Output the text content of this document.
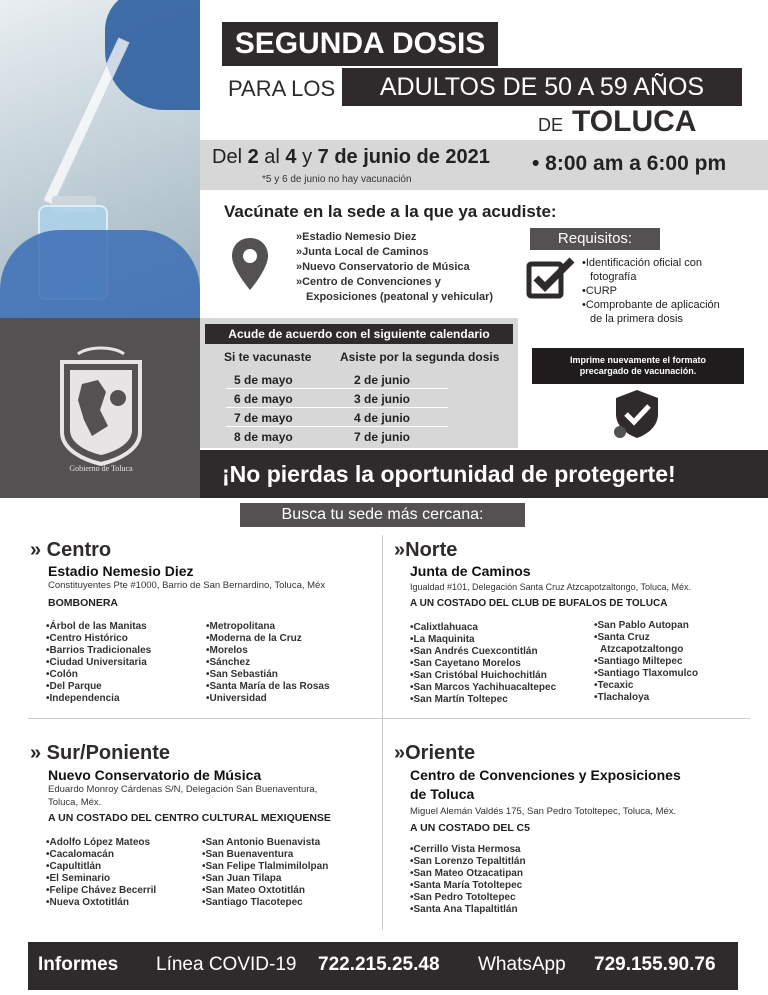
SEGUNDA DOSIS
PARA LOS	ADULTOS DE 50 A 59 AÑOS
DE TOLUCA
Del 2 al 4 y 7 de junio de 2021
*5 y 6 de junio no hay vacunación
• 8:00 am a 6:00 pm
Vacúnate en la sede a la que ya acudiste:
»Estadio Nemesio Diez
»Junta Local de Caminos
»Nuevo Conservatorio de Música
»Centro de Convenciones y
Exposiciones (peatonal y vehicular)
Requisitos:
•Identificación oficial con
fotografía
•CURP
•Comprobante de aplicación
de la primera dosis
Gobierno de Toluca
Acude de acuerdo con el siguiente calendario
Si te vacunaste Asiste por la segunda dosis
5 de mayo	2 de junio
6 de mayo	3 de junio
7 de mayo	4 de junio
8 de mayo	7 de junio
Imprime nuevamente el formato precargado de vacunación.
¡No pierdas la oportunidad de protegerte!
Busca tu sede más cercana:
» Centro
Estadio Nemesio Diez
Constituyentes Pte #1000, Barrio de San Bernardino, Toluca, Méx
BOMBONERA
•Árbol de las Manitas
•Centro Histórico
•Barrios Tradicionales
•Ciudad Universitaria
•Colón
•Del Parque
•Independencia
•Metropolitana
•Moderna de la Cruz
•Morelos
•Sánchez
•San Sebastián
•Santa María de las Rosas
•Universidad
»Norte
Junta de Caminos
Igualdad #101, Delegación Santa Cruz Atzcapotzaltongo, Toluca, Méx.
A UN COSTADO DEL CLUB DE BUFALOS DE TOLUCA
•Calixtlahuaca
•La Maquinita
•San Andrés Cuexcontitlán
•San Cayetano Morelos
•San Cristóbal Huichochitlán
•San Marcos Yachihuacaltepec
•San Martín Toltepec
•San Pablo Autopan
•Santa Cruz
Atzcapotzaltongo
•Santiago Miltepec
•Santiago Tlaxomulco
•Tecaxic
•Tlachaloya
» Sur/Poniente
Nuevo Conservatorio de Música
Eduardo Monroy Cárdenas S/N, Delegación San Buenaventura,
Toluca, Méx.
A UN COSTADO DEL CENTRO CULTURAL MEXIQUENSE
•Adolfo López Mateos
•Cacalomacán
•Capultitlán
•El Seminario
•Felipe Chávez Becerril
•Nueva Oxtotitlán
•San Antonio Buenavista
•San Buenaventura
•San Felipe Tlalmimilolpan
•San Juan Tilapa
•San Mateo Oxtotitlán
•Santiago Tlacotepec
»Oriente
Centro de Convenciones y Exposiciones
de Toluca
Miguel Alemán Valdés 175, San Pedro Totoltepec, Toluca, Méx.
A UN COSTADO DEL C5
•Cerrillo Vista Hermosa
•San Lorenzo Tepaltitlán
•San Mateo Otzacatipan
•Santa María Totoltepec
•San Pedro Totoltepec
•Santa Ana Tlapaltitlán
Informes Línea COVID-19 722.215.25.48 WhatsApp 729.155.90.76
